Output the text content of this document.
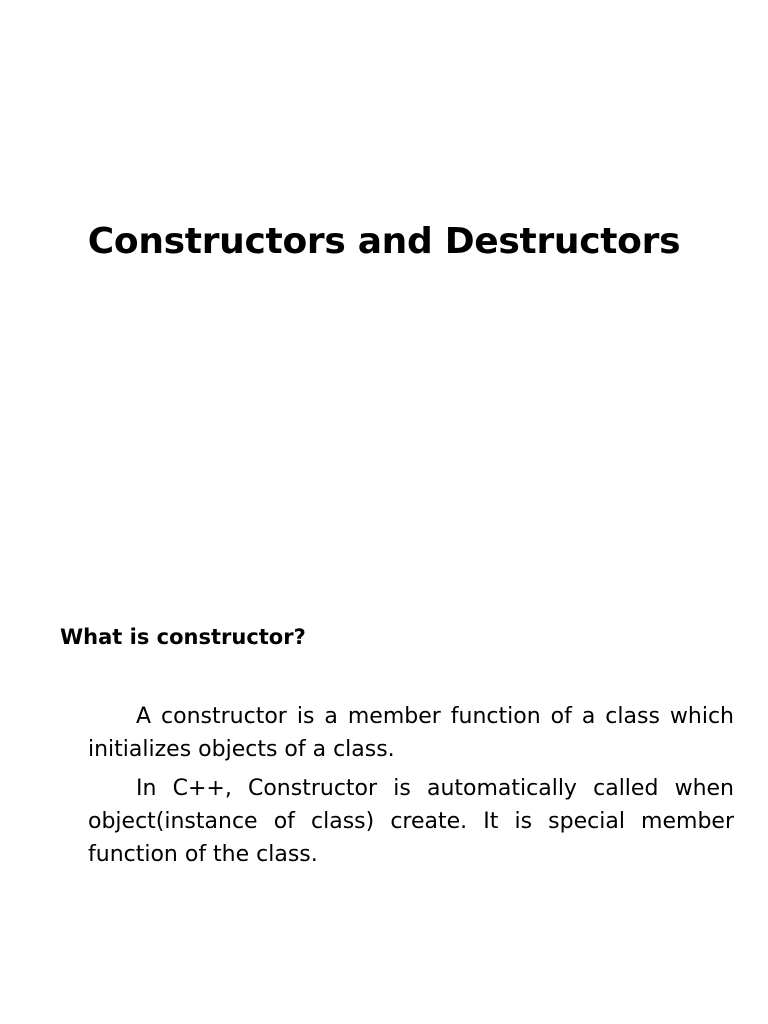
Constructors and Destructors
What is constructor?

A constructor is a member function of a class which initializes objects of a class.

In C++, Constructor is automatically called when object(instance of class) create. It is special member function of the class.
